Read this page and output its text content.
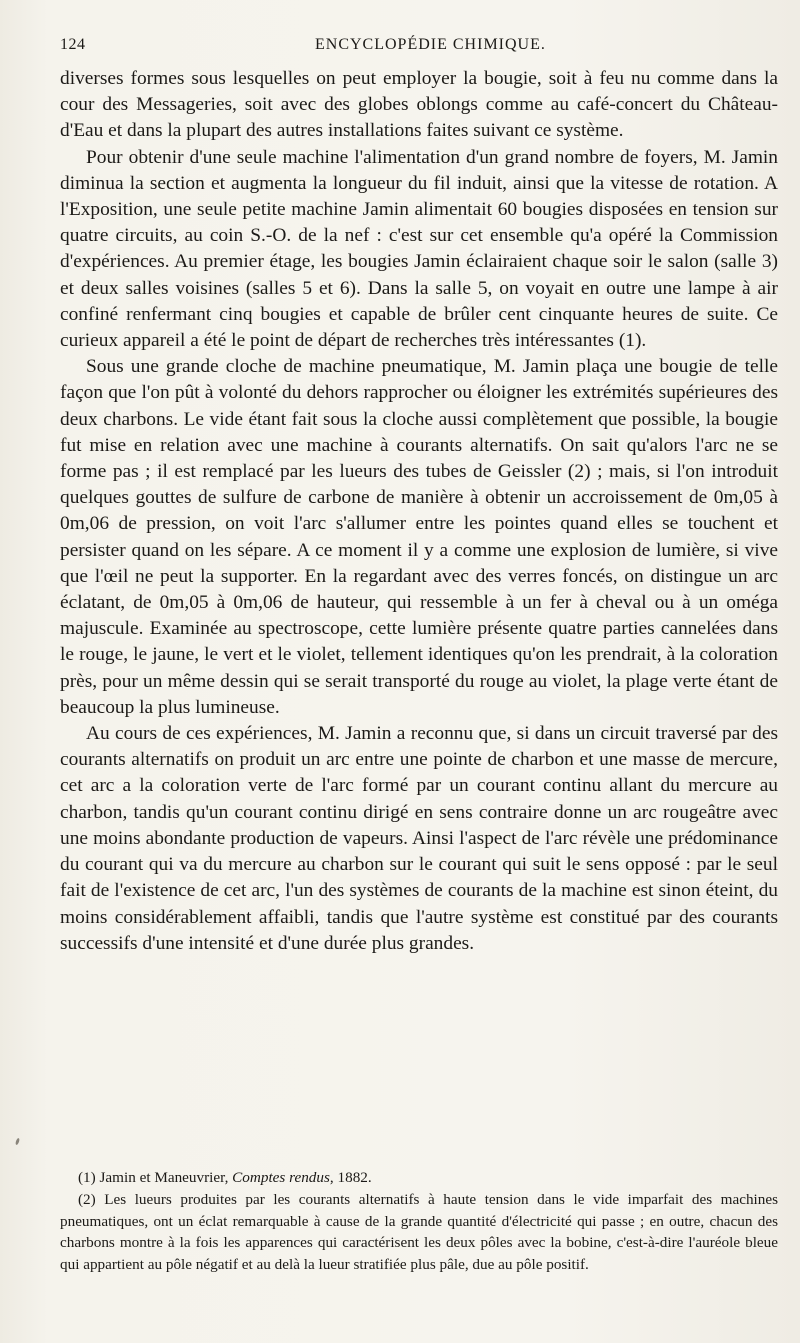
124	ENCYCLOPÉDIE CHIMIQUE.

diverses formes sous lesquelles on peut employer la bougie, soit à feu nu comme dans la cour des Messageries, soit avec des globes oblongs comme au café-concert du Château-d'Eau et dans la plupart des autres installations faites suivant ce système.

Pour obtenir d'une seule machine l'alimentation d'un grand nombre de foyers, M. Jamin diminua la section et augmenta la longueur du fil induit, ainsi que la vitesse de rotation. A l'Exposition, une seule petite machine Jamin alimentait 60 bougies disposées en tension sur quatre circuits, au coin S.-O. de la nef : c'est sur cet ensemble qu'a opéré la Commission d'expériences. Au premier étage, les bougies Jamin éclairaient chaque soir le salon (salle 3) et deux salles voisines (salles 5 et 6). Dans la salle 5, on voyait en outre une lampe à air confiné renfermant cinq bougies et capable de brûler cent cinquante heures de suite. Ce curieux appareil a été le point de départ de recherches très intéressantes (1).

Sous une grande cloche de machine pneumatique, M. Jamin plaça une bougie de telle façon que l'on pût à volonté du dehors rapprocher ou éloigner les extrémités supérieures des deux charbons. Le vide étant fait sous la cloche aussi complètement que possible, la bougie fut mise en relation avec une machine à courants alternatifs. On sait qu'alors l'arc ne se forme pas ; il est remplacé par les lueurs des tubes de Geissler (2) ; mais, si l'on introduit quelques gouttes de sulfure de carbone de manière à obtenir un accroissement de 0m,05 à 0m,06 de pression, on voit l'arc s'allumer entre les pointes quand elles se touchent et persister quand on les sépare. A ce moment il y a comme une explosion de lumière, si vive que l'œil ne peut la supporter. En la regardant avec des verres foncés, on distingue un arc éclatant, de 0m,05 à 0m,06 de hauteur, qui ressemble à un fer à cheval ou à un oméga majuscule. Examinée au spectroscope, cette lumière présente quatre parties cannelées dans le rouge, le jaune, le vert et le violet, tellement identiques qu'on les prendrait, à la coloration près, pour un même dessin qui se serait transporté du rouge au violet, la plage verte étant de beaucoup la plus lumineuse.

Au cours de ces expériences, M. Jamin a reconnu que, si dans un circuit traversé par des courants alternatifs on produit un arc entre une pointe de charbon et une masse de mercure, cet arc a la coloration verte de l'arc formé par un courant continu allant du mercure au charbon, tandis qu'un courant continu dirigé en sens contraire donne un arc rougeâtre avec une moins abondante production de vapeurs. Ainsi l'aspect de l'arc révèle une prédominance du courant qui va du mercure au charbon sur le courant qui suit le sens opposé : par le seul fait de l'existence de cet arc, l'un des systèmes de courants de la machine est sinon éteint, du moins considérablement affaibli, tandis que l'autre système est constitué par des courants successifs d'une intensité et d'une durée plus grandes.

(1) Jamin et Maneuvrier, Comptes rendus, 1882.

(2) Les lueurs produites par les courants alternatifs à haute tension dans le vide imparfait des machines pneumatiques, ont un éclat remarquable à cause de la grande quantité d'électricité qui passe ; en outre, chacun des charbons montre à la fois les apparences qui caractérisent les deux pôles avec la bobine, c'est-à-dire l'auréole bleue qui appartient au pôle négatif et au delà la lueur stratifiée plus pâle, due au pôle positif.
